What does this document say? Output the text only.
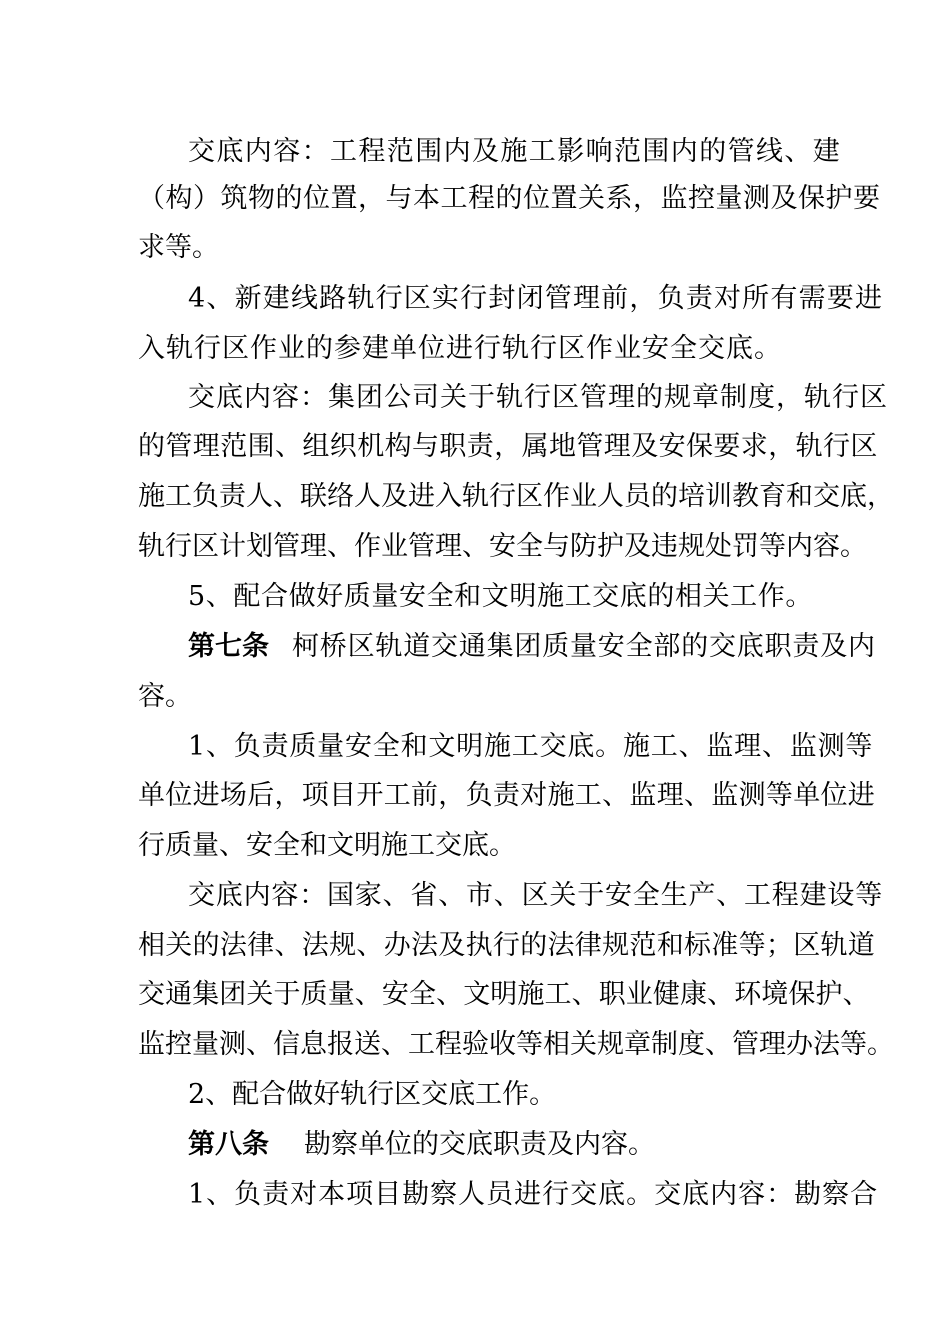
交底内容：工程范围内及施工影响范围内的管线、建
（构）筑物的位置，与本工程的位置关系，监控量测及保护要
求等。
4、新建线路轨行区实行封闭管理前，负责对所有需要进
入轨行区作业的参建单位进行轨行区作业安全交底。
交底内容：集团公司关于轨行区管理的规章制度，轨行区
的管理范围、组织机构与职责，属地管理及安保要求，轨行区
施工负责人、联络人及进入轨行区作业人员的培训教育和交底，
轨行区计划管理、作业管理、安全与防护及违规处罚等内容。
5、配合做好质量安全和文明施工交底的相关工作。
第七条 柯桥区轨道交通集团质量安全部的交底职责及内
容。
1、负责质量安全和文明施工交底。施工、监理、监测等
单位进场后，项目开工前，负责对施工、监理、监测等单位进
行质量、安全和文明施工交底。
交底内容：国家、省、市、区关于安全生产、工程建设等
相关的法律、法规、办法及执行的法律规范和标准等；区轨道
交通集团关于质量、安全、文明施工、职业健康、环境保护、
监控量测、信息报送、工程验收等相关规章制度、管理办法等。
2、配合做好轨行区交底工作。
第八条 勘察单位的交底职责及内容。
1、负责对本项目勘察人员进行交底。交底内容：勘察合
